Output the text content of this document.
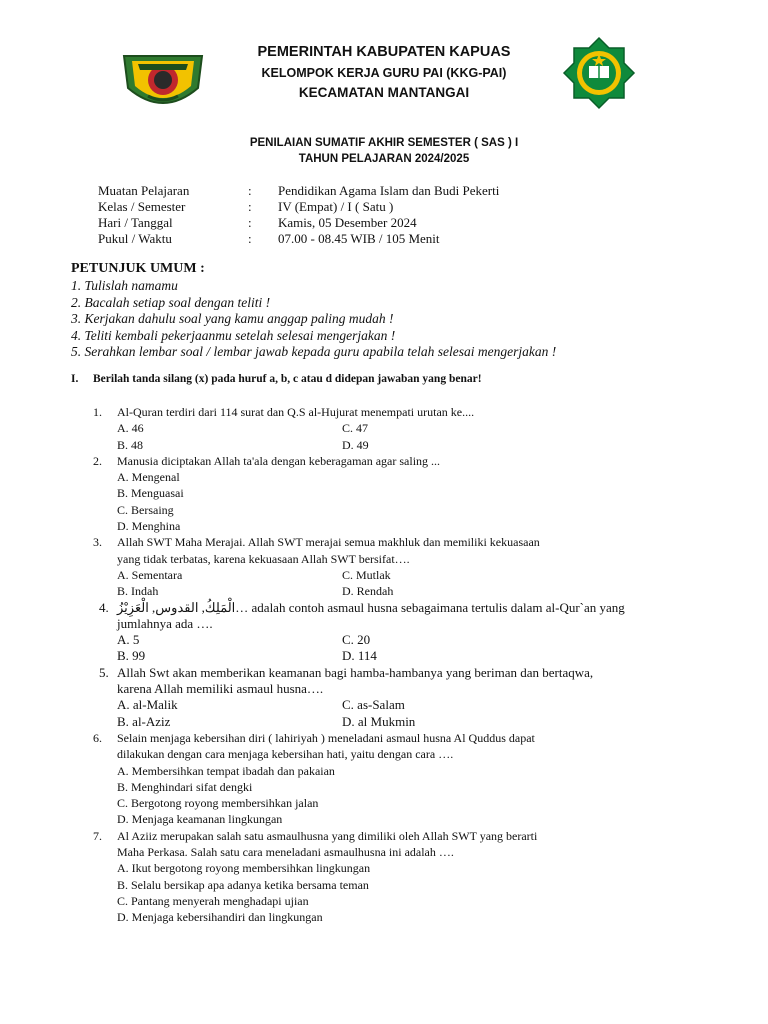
PEMERINTAH KABUPATEN KAPUAS
KELOMPOK KERJA GURU PAI (KKG-PAI)
KECAMATAN MANTANGAI
PENILAIAN SUMATIF AKHIR SEMESTER ( SAS ) I
TAHUN PELAJARAN 2024/2025
Muatan Pelajaran	:	Pendidikan Agama Islam dan Budi Pekerti
Kelas / Semester	:	IV (Empat) / I ( Satu )
Hari / Tanggal	:	Kamis, 05 Desember 2024
Pukul / Waktu	:	07.00 - 08.45 WIB / 105 Menit
PETUNJUK UMUM :
1. Tulislah namamu
2. Bacalah setiap soal dengan teliti !
3. Kerjakan dahulu soal yang kamu anggap paling mudah !
4. Teliti kembali pekerjaanmu setelah selesai mengerjakan !
5. Serahkan lembar soal / lembar jawab kepada guru apabila telah selesai mengerjakan !
I. Berilah tanda silang (x) pada huruf a, b, c atau d didepan jawaban yang benar!
1.	Al-Quran terdiri dari 114 surat dan Q.S al-Hujurat menempati urutan ke....
A. 46	C. 47
B. 48	D. 49
2.	Manusia diciptakan Allah ta'ala dengan keberagaman agar saling ...
A. Mengenal
B. Menguasai
C. Bersaing
D. Menghina
3.	Allah SWT Maha Merajai. Allah SWT merajai semua makhluk dan memiliki kekuasaan
yang tidak terbatas, karena kekuasaan Allah SWT bersifat….
A. Sementara	C. Mutlak
B. Indah	D. Rendah
4. الْمَلِكُ, القدوس, الْعَزِيْزُ… adalah contoh asmaul husna sebagaimana tertulis dalam al-Qur`an yang
jumlahnya ada ….
A. 5	C. 20
B. 99	D. 114
5. Allah Swt akan memberikan keamanan bagi hamba-hambanya yang beriman dan bertaqwa,
karena Allah memiliki asmaul husna….
A. al-Malik	C. as-Salam
B. al-Aziz	D. al Mukmin
6.	Selain menjaga kebersihan diri ( lahiriyah ) meneladani asmaul husna Al Quddus dapat
dilakukan dengan cara menjaga kebersihan hati, yaitu dengan cara ….
A. Membersihkan tempat ibadah dan pakaian
B. Menghindari sifat dengki
C. Bergotong royong membersihkan jalan
D. Menjaga keamanan lingkungan
7.	Al Aziiz merupakan salah satu asmaulhusna yang dimiliki oleh Allah SWT yang berarti
Maha Perkasa. Salah satu cara meneladani asmaulhusna ini adalah ….
A. Ikut bergotong royong membersihkan lingkungan
B. Selalu bersikap apa adanya ketika bersama teman
C. Pantang menyerah menghadapi ujian
D. Menjaga kebersihandiri dan lingkungan
